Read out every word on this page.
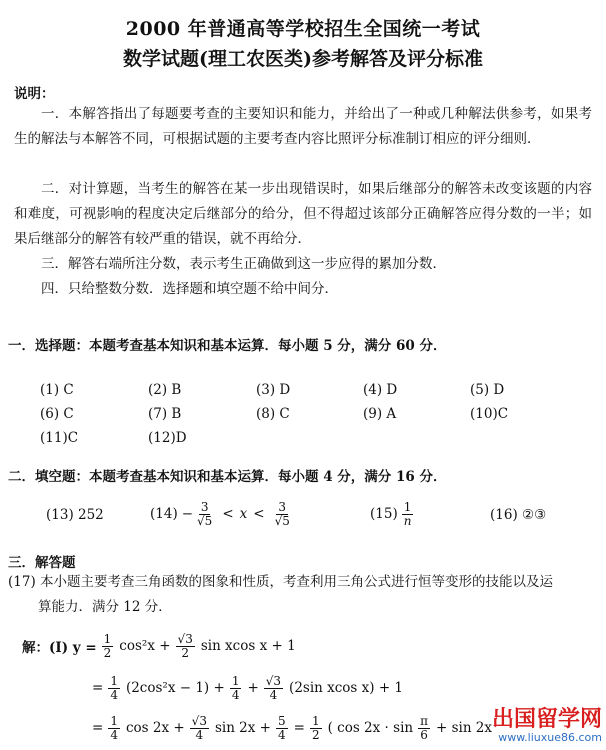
2000 年普通高等学校招生全国统一考试
数学试题(理工农医类)参考解答及评分标准
说明：
一．本解答指出了每题要考查的主要知识和能力，并给出了一种或几种解法供参考，如果考生的解法与本解答不同，可根据试题的主要考查内容比照评分标准制订相应的评分细则．
二．对计算题，当考生的解答在某一步出现错误时，如果后继部分的解答未改变该题的内容和难度，可视影响的程度决定后继部分的给分，但不得超过该部分正确解答应得分数的一半；如果后继部分的解答有较严重的错误，就不再给分．
三．解答右端所注分数，表示考生正确做到这一步应得的累加分数．
四．只给整数分数．选择题和填空题不给中间分．
一．选择题：本题考查基本知识和基本运算．每小题 5 分，满分 60 分．
(1) C	(2) B	(3) D	(4) D	(5) D
(6) C	(7) B	(8) C	(9) A	(10)C
(11)C	(12)D
二．填空题：本题考查基本知识和基本运算．每小题 4 分，满分 16 分．
(13) 252	$(14) - \frac{3}{√5} < x < \frac{3}{√5}$	$(15) \frac{1}{n}$	(16) ②③
三．解答题
(17) 本小题主要考查三角函数的图象和性质，考查利用三角公式进行恒等变形的技能以及运
算能力．满分 12 分．
解：(Ⅰ) $y = \frac{1}{2} \cos^2x + \frac{√3}{2}$ sin xcos x + 1
= $\frac{1}{4} (2\cos^2x - 1) + \frac{1}{4} + \frac{√3}{4} (2\sin$ xcos x) + 1
= $\frac{1}{4}$ $\cos 2x + \frac{√3}{4}$ $\sin 2x + \frac{5}{4} = \frac{1}{2}$ ( $\cos 2x \cdot \sin \frac{\pi}{6} + \sin 2x$ 出国留学网
www.liuxue86.com
